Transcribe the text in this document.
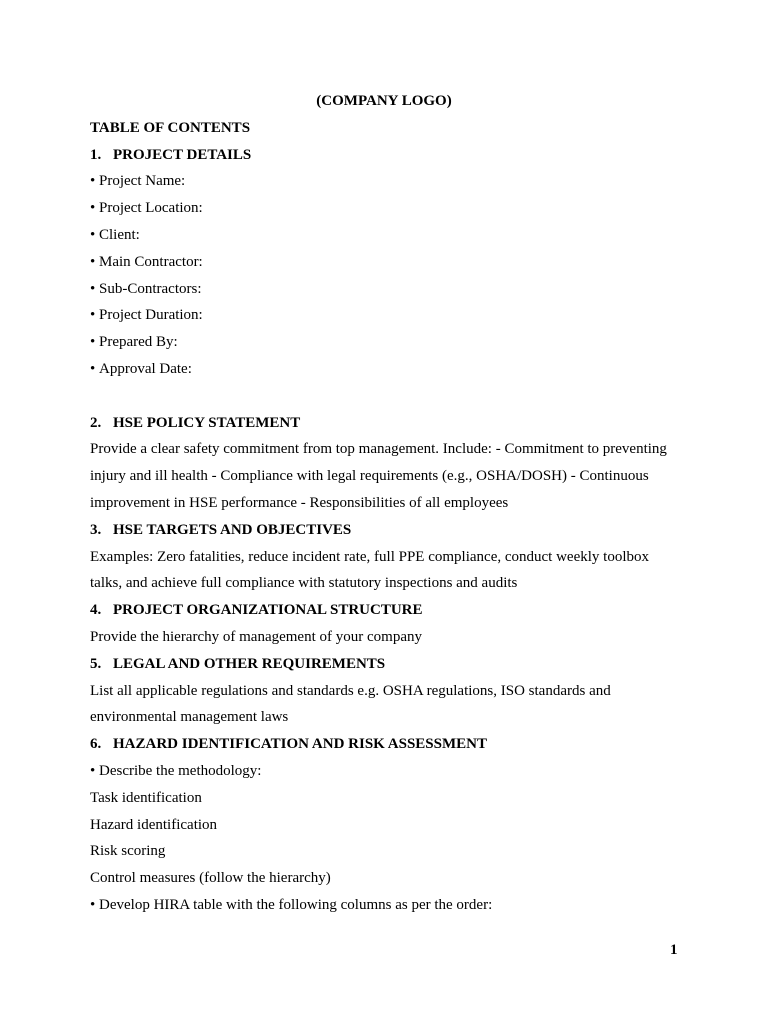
(COMPANY LOGO)
TABLE OF CONTENTS
1. PROJECT DETAILS
• Project Name:
• Project Location:
• Client:
• Main Contractor:
• Sub-Contractors:
• Project Duration:
• Prepared By:
• Approval Date:
2. HSE POLICY STATEMENT
Provide a clear safety commitment from top management. Include: - Commitment to preventing
injury and ill health - Compliance with legal requirements (e.g., OSHA/DOSH) - Continuous
improvement in HSE performance - Responsibilities of all employees
3. HSE TARGETS AND OBJECTIVES
Examples: Zero fatalities, reduce incident rate, full PPE compliance, conduct weekly toolbox
talks, and achieve full compliance with statutory inspections and audits
4. PROJECT ORGANIZATIONAL STRUCTURE
Provide the hierarchy of management of your company
5. LEGAL AND OTHER REQUIREMENTS
List all applicable regulations and standards e.g. OSHA regulations, ISO standards and
environmental management laws
6. HAZARD IDENTIFICATION AND RISK ASSESSMENT
• Describe the methodology:
Task identification
Hazard identification
Risk scoring
Control measures (follow the hierarchy)
• Develop HIRA table with the following columns as per the order:
1
